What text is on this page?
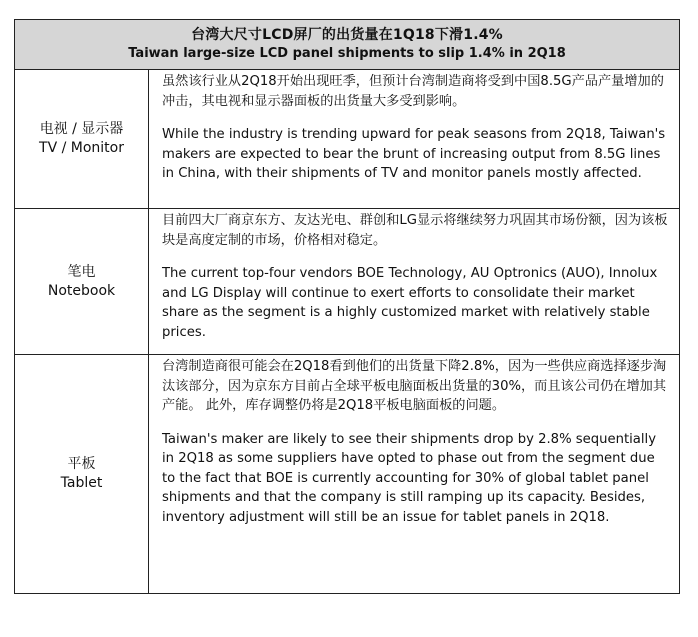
台湾大尺寸LCD屏厂的出货量在1Q18下滑1.4%
Taiwan large-size LCD panel shipments to slip 1.4% in 2Q18
电视 / 显示器
TV / Monitor

虽然该行业从2Q18开始出现旺季，但预计台湾制造商将受到中国8.5G产品产量增加的冲击，其电视和显示器面板的出货量大多受到影响。

While the industry is trending upward for peak seasons from 2Q18, Taiwan's makers are expected to bear the brunt of increasing output from 8.5G lines in China, with their shipments of TV and monitor panels mostly affected.

笔电
Notebook

目前四大厂商京东方、友达光电、群创和LG显示将继续努力巩固其市场份额，因为该板块是高度定制的市场，价格相对稳定。

The current top-four vendors BOE Technology, AU Optronics (AUO), Innolux and LG Display will continue to exert efforts to consolidate their market share as the segment is a highly customized market with relatively stable prices.

平板
Tablet

台湾制造商很可能会在2Q18看到他们的出货量下降2.8%，因为一些供应商选择逐步淘汰该部分，因为京东方目前占全球平板电脑面板出货量的30%，而且该公司仍在增加其产能。 此外，库存调整仍将是2Q18平板电脑面板的问题。

Taiwan's maker are likely to see their shipments drop by 2.8% sequentially in 2Q18 as some suppliers have opted to phase out from the segment due to the fact that BOE is currently accounting for 30% of global tablet panel shipments and that the company is still ramping up its capacity. Besides, inventory adjustment will still be an issue for tablet panels in 2Q18.
